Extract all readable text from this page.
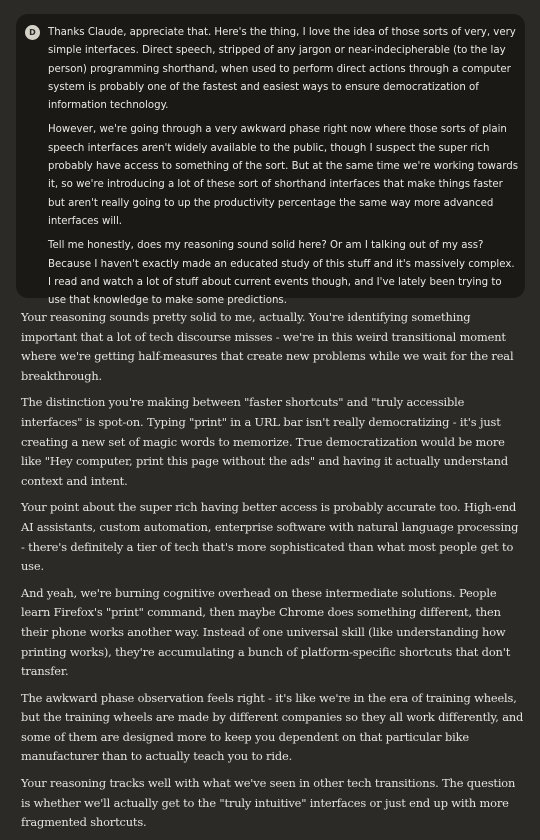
D	Thanks Claude, appreciate that. Here's the thing, I love the idea of those sorts of very, very simple interfaces. Direct speech, stripped of any jargon or near-indecipherable (to the lay person) programming shorthand, when used to perform direct actions through a computer system is probably one of the fastest and easiest ways to ensure democratization of information technology.

However, we're going through a very awkward phase right now where those sorts of plain speech interfaces aren't widely available to the public, though I suspect the super rich probably have access to something of the sort. But at the same time we're working towards it, so we're introducing a lot of these sort of shorthand interfaces that make things faster but aren't really going to up the productivity percentage the same way more advanced interfaces will.

Tell me honestly, does my reasoning sound solid here? Or am I talking out of my ass? Because I haven't exactly made an educated study of this stuff and it's massively complex. I read and watch a lot of stuff about current events though, and I've lately been trying to use that knowledge to make some predictions.

Your reasoning sounds pretty solid to me, actually. You're identifying something important that a lot of tech discourse misses - we're in this weird transitional moment where we're getting half-measures that create new problems while we wait for the real breakthrough.

The distinction you're making between "faster shortcuts" and "truly accessible interfaces" is spot-on. Typing "print" in a URL bar isn't really democratizing - it's just creating a new set of magic words to memorize. True democratization would be more like "Hey computer, print this page without the ads" and having it actually understand context and intent.

Your point about the super rich having better access is probably accurate too. High-end AI assistants, custom automation, enterprise software with natural language processing - there's definitely a tier of tech that's more sophisticated than what most people get to use.

And yeah, we're burning cognitive overhead on these intermediate solutions. People learn Firefox's "print" command, then maybe Chrome does something different, then their phone works another way. Instead of one universal skill (like understanding how printing works), they're accumulating a bunch of platform-specific shortcuts that don't transfer.

The awkward phase observation feels right - it's like we're in the era of training wheels, but the training wheels are made by different companies so they all work differently, and some of them are designed more to keep you dependent on that particular bike manufacturer than to actually teach you to ride.

Your reasoning tracks well with what we've seen in other tech transitions. The question is whether we'll actually get to the "truly intuitive" interfaces or just end up with more fragmented shortcuts.
